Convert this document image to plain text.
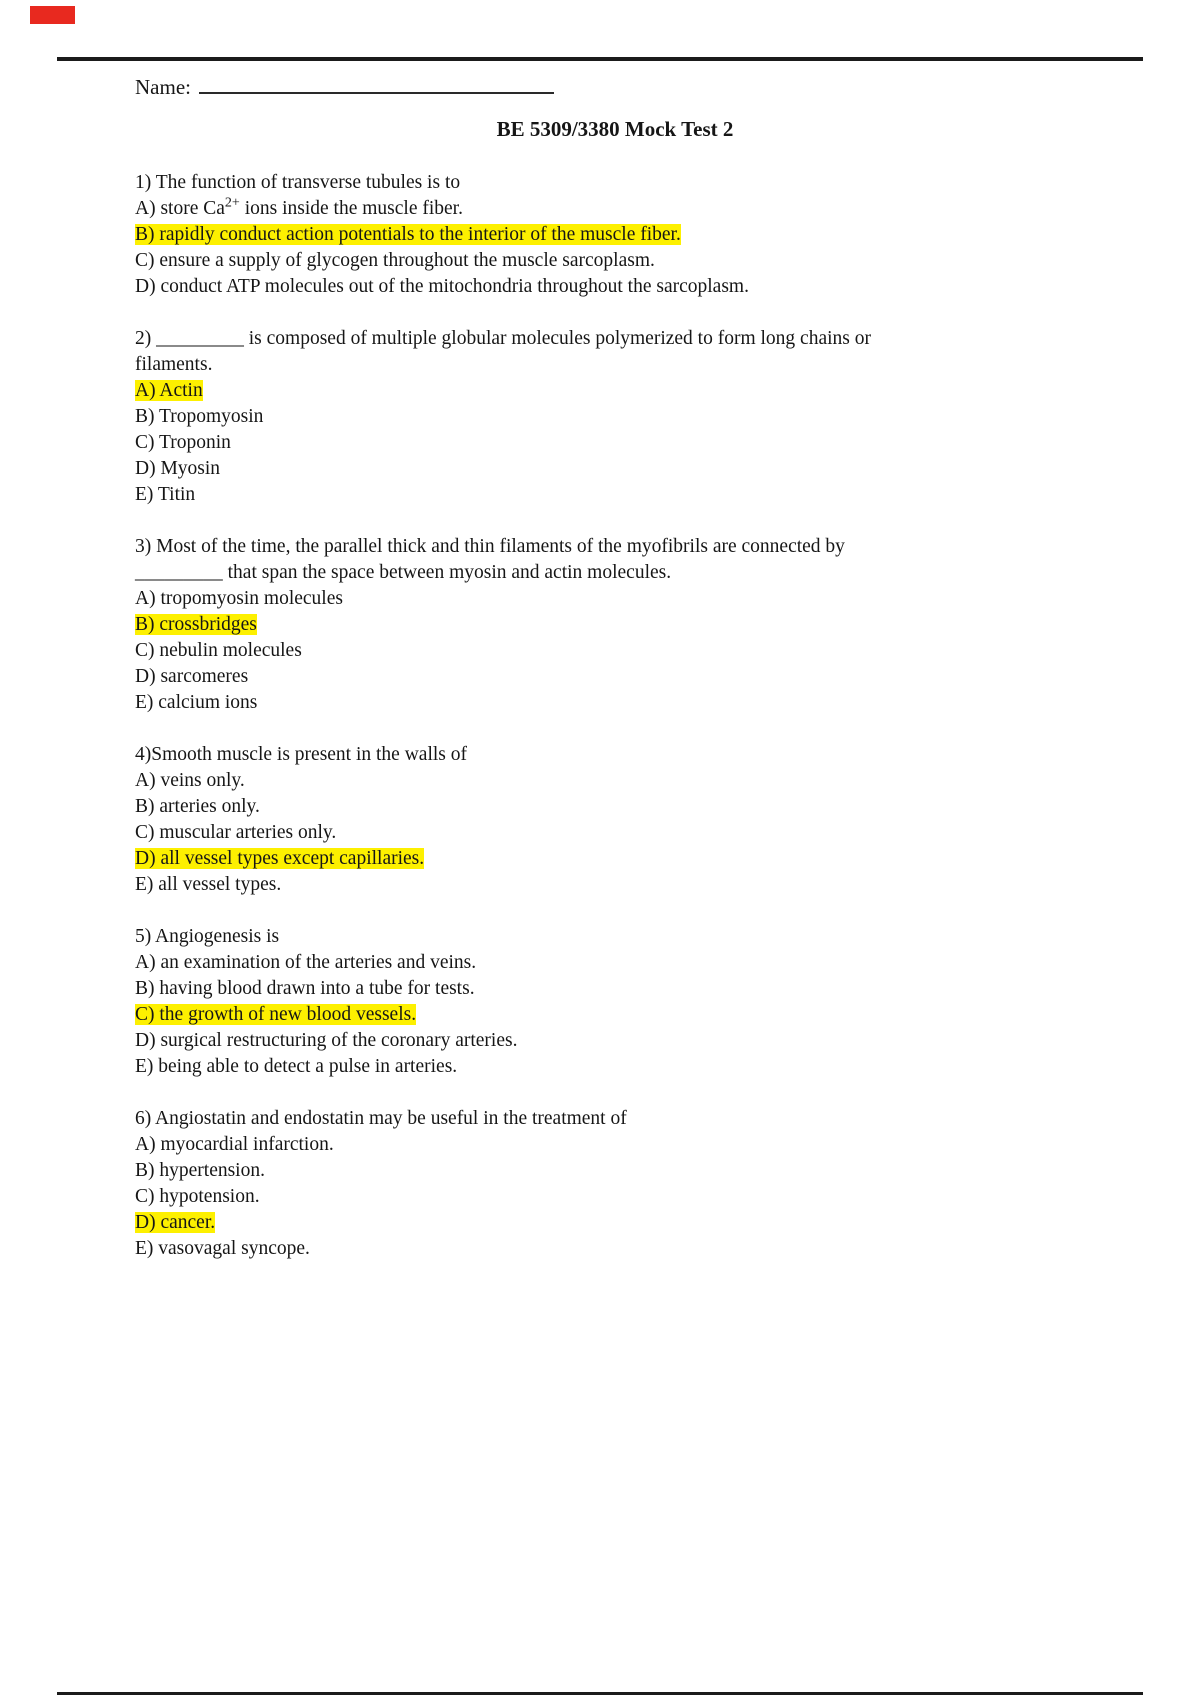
Name:
BE 5309/3380 Mock Test 2
1) The function of transverse tubules is to
A) store $Ca^{2+}$ ions inside the muscle fiber.
B) rapidly conduct action potentials to the interior of the muscle fiber.
C) ensure a supply of glycogen throughout the muscle sarcoplasm.
D) conduct ATP molecules out of the mitochondria throughout the sarcoplasm.
2) _________ is composed of multiple globular molecules polymerized to form long chains or
filaments.
A) Actin
B) Tropomyosin
C) Troponin
D) Myosin
E) Titin
3) Most of the time, the parallel thick and thin filaments of the myofibrils are connected by
_________ that span the space between myosin and actin molecules.
A) tropomyosin molecules
B) crossbridges
C) nebulin molecules
D) sarcomeres
E) calcium ions
4)Smooth muscle is present in the walls of
A) veins only.
B) arteries only.
C) muscular arteries only.
D) all vessel types except capillaries.
E) all vessel types.
5) Angiogenesis is
A) an examination of the arteries and veins.
B) having blood drawn into a tube for tests.
C) the growth of new blood vessels.
D) surgical restructuring of the coronary arteries.
E) being able to detect a pulse in arteries.
6) Angiostatin and endostatin may be useful in the treatment of
A) myocardial infarction.
B) hypertension.
C) hypotension.
D) cancer.
E) vasovagal syncope.
